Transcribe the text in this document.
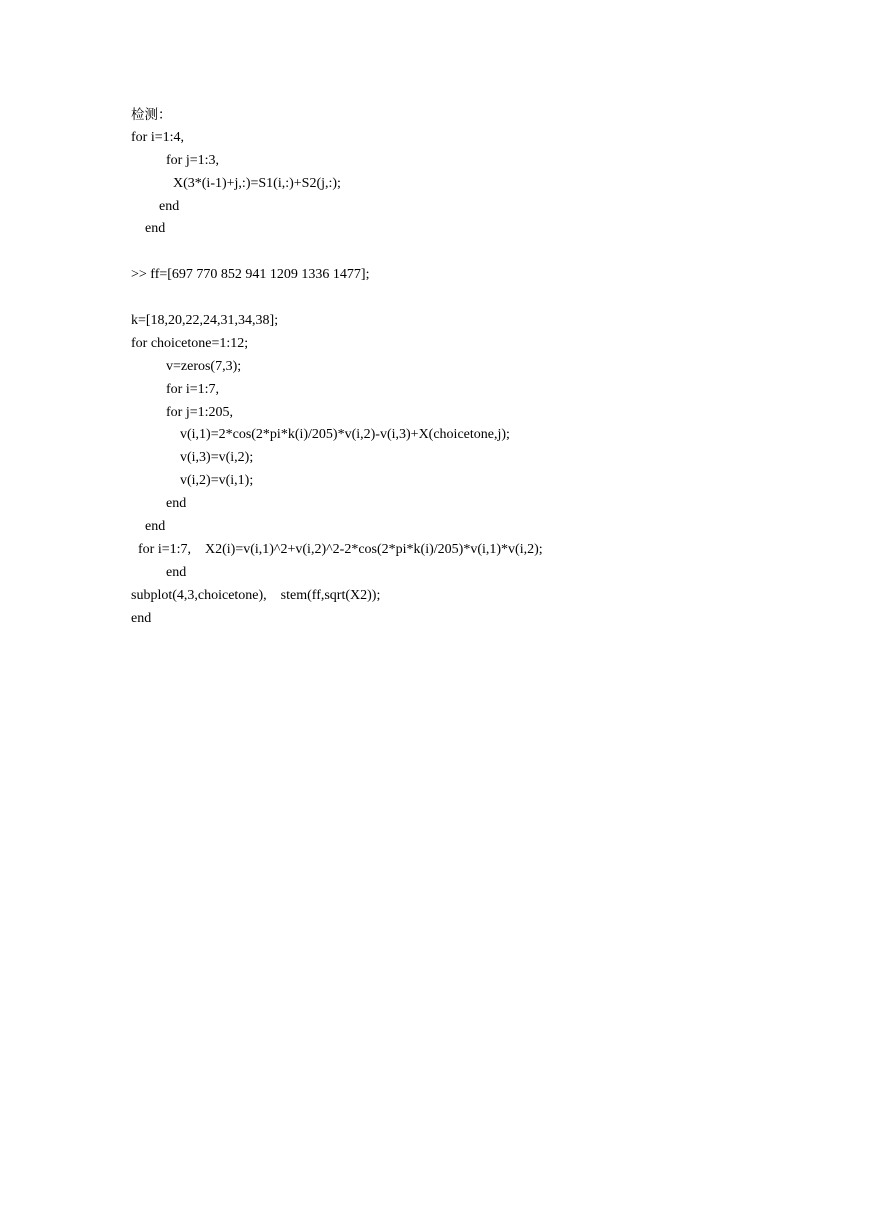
检测：
for i=1:4,
for j=1:3,
X(3*(i-1)+j,:)=S1(i,:)+S2(j,:);
end
end
>> ff=[697 770 852 941 1209 1336 1477];
k=[18,20,22,24,31,34,38];
for choicetone=1:12;
v=zeros(7,3);
for i=1:7,
for j=1:205,
v(i,1)=2*cos(2*pi*k(i)/205)*v(i,2)-v(i,3)+X(choicetone,j);
v(i,3)=v(i,2);
v(i,2)=v(i,1);
end
end
for i=1:7,    X2(i)=v(i,1)^2+v(i,2)^2-2*cos(2*pi*k(i)/205)*v(i,1)*v(i,2);
end
subplot(4,3,choicetone),    stem(ff,sqrt(X2));
end
